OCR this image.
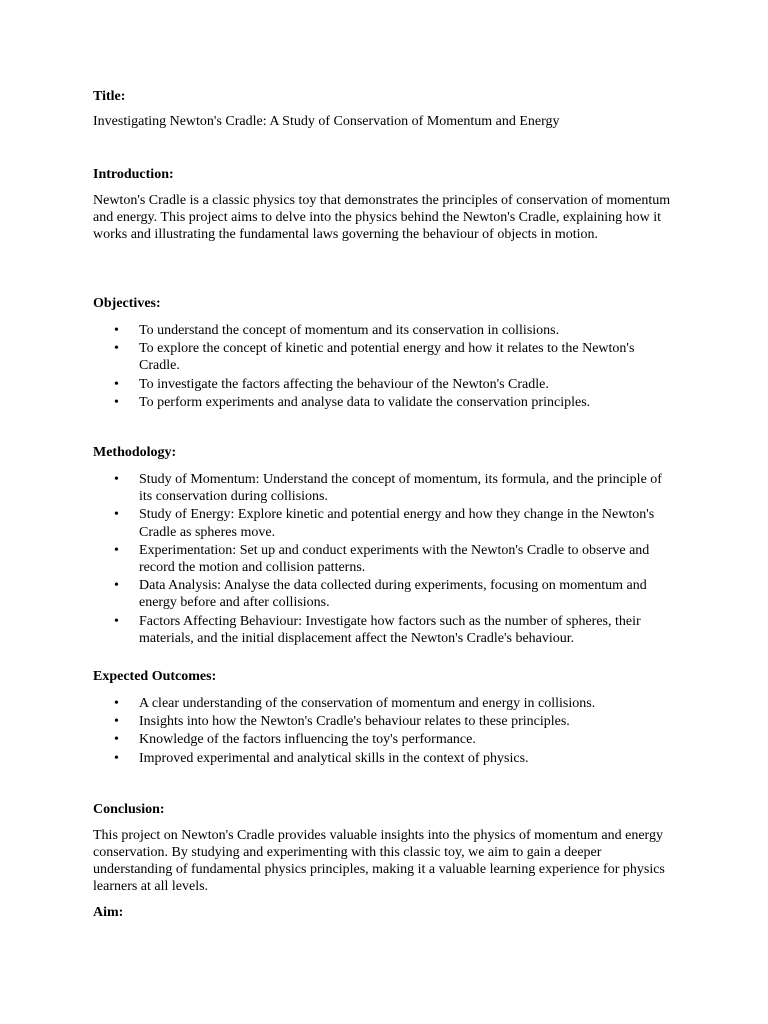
Title:

Investigating Newton's Cradle: A Study of Conservation of Momentum and Energy

Introduction:

Newton's Cradle is a classic physics toy that demonstrates the principles of conservation of momentum and energy. This project aims to delve into the physics behind the Newton's Cradle, explaining how it works and illustrating the fundamental laws governing the behaviour of objects in motion.

Objectives:
• To understand the concept of momentum and its conservation in collisions.
• To explore the concept of kinetic and potential energy and how it relates to the Newton's Cradle.
• To investigate the factors affecting the behaviour of the Newton's Cradle.
• To perform experiments and analyse data to validate the conservation principles.
Methodology:
• Study of Momentum: Understand the concept of momentum, its formula, and the principle of its conservation during collisions.
• Study of Energy: Explore kinetic and potential energy and how they change in the Newton's Cradle as spheres move.
• Experimentation: Set up and conduct experiments with the Newton's Cradle to observe and record the motion and collision patterns.
• Data Analysis: Analyse the data collected during experiments, focusing on momentum and energy before and after collisions.
• Factors Affecting Behaviour: Investigate how factors such as the number of spheres, their materials, and the initial displacement affect the Newton's Cradle's behaviour.
Expected Outcomes:
• A clear understanding of the conservation of momentum and energy in collisions.
• Insights into how the Newton's Cradle's behaviour relates to these principles.
• Knowledge of the factors influencing the toy's performance.
• Improved experimental and analytical skills in the context of physics.
Conclusion:

This project on Newton's Cradle provides valuable insights into the physics of momentum and energy conservation. By studying and experimenting with this classic toy, we aim to gain a deeper understanding of fundamental physics principles, making it a valuable learning experience for physics learners at all levels.

Aim:
